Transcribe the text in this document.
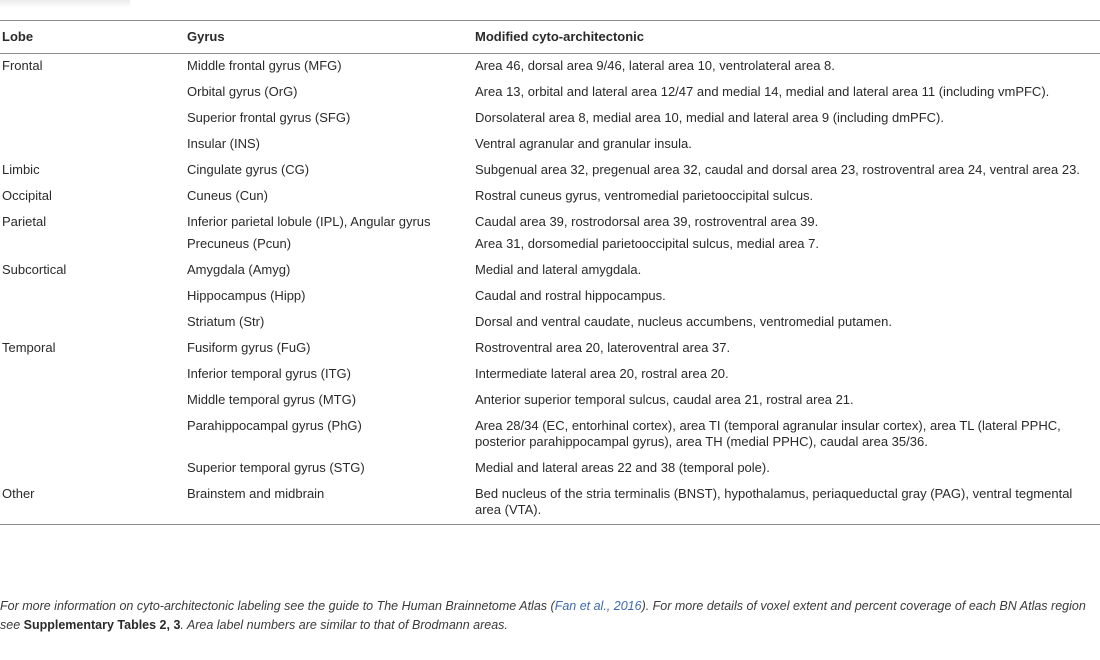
Lobe	Gyrus	Modified cyto-architectonic
Frontal	Middle frontal gyrus (MFG)	Area 46, dorsal area 9/46, lateral area 10, ventrolateral area 8.
	Orbital gyrus (OrG)	Area 13, orbital and lateral area 12/47 and medial 14, medial and lateral area 11 (including vmPFC).
	Superior frontal gyrus (SFG)	Dorsolateral area 8, medial area 10, medial and lateral area 9 (including dmPFC).
	Insular (INS)	Ventral agranular and granular insula.
Limbic	Cingulate gyrus (CG)	Subgenual area 32, pregenual area 32, caudal and dorsal area 23, rostroventral area 24, ventral area 23.
Occipital	Cuneus (Cun)	Rostral cuneus gyrus, ventromedial parietooccipital sulcus.
Parietal	Inferior parietal lobule (IPL), Angular gyrus	Caudal area 39, rostrodorsal area 39, rostroventral area 39.
	Precuneus (Pcun)	Area 31, dorsomedial parietooccipital sulcus, medial area 7.
Subcortical	Amygdala (Amyg)	Medial and lateral amygdala.
	Hippocampus (Hipp)	Caudal and rostral hippocampus.
	Striatum (Str)	Dorsal and ventral caudate, nucleus accumbens, ventromedial putamen.
Temporal	Fusiform gyrus (FuG)	Rostroventral area 20, lateroventral area 37.
	Inferior temporal gyrus (ITG)	Intermediate lateral area 20, rostral area 20.
	Middle temporal gyrus (MTG)	Anterior superior temporal sulcus, caudal area 21, rostral area 21.
	Parahippocampal gyrus (PhG)	Area 28/34 (EC, entorhinal cortex), area TI (temporal agranular insular cortex), area TL (lateral PPHC, posterior parahippocampal gyrus), area TH (medial PPHC), caudal area 35/36.
	Superior temporal gyrus (STG)	Medial and lateral areas 22 and 38 (temporal pole).
Other	Brainstem and midbrain	Bed nucleus of the stria terminalis (BNST), hypothalamus, periaqueductal gray (PAG), ventral tegmental area (VTA).
For more information on cyto-architectonic labeling see the guide to The Human Brainnetome Atlas (Fan et al., 2016). For more details of voxel extent and percent coverage of each BN Atlas region see Supplementary Tables 2, 3. Area label numbers are similar to that of Brodmann areas.
